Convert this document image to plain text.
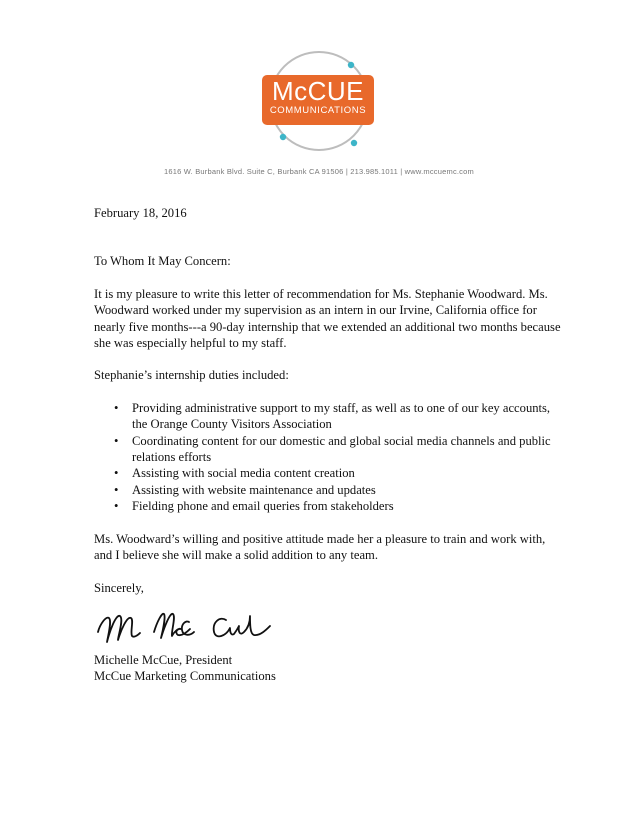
McCUE
COMMUNICATIONS
1616 W. Burbank Blvd. Suite C, Burbank CA 91506 | 213.985.1011 | www.mccuemc.com

February 18, 2016

To Whom It May Concern:

It is my pleasure to write this letter of recommendation for Ms. Stephanie Woodward. Ms. Woodward worked under my supervision as an intern in our Irvine, California office for nearly five months---a 90-day internship that we extended an additional two months because she was especially helpful to my staff.

Stephanie’s internship duties included:

•	Providing administrative support to my staff, as well as to one of our key accounts, the Orange County Visitors Association
•	Coordinating content for our domestic and global social media channels and public relations efforts
•	Assisting with social media content creation
•	Assisting with website maintenance and updates
•	Fielding phone and email queries from stakeholders

Ms. Woodward’s willing and positive attitude made her a pleasure to train and work with, and I believe she will make a solid addition to any team.

Sincerely,

Michelle McCue, President

McCue Marketing Communications
